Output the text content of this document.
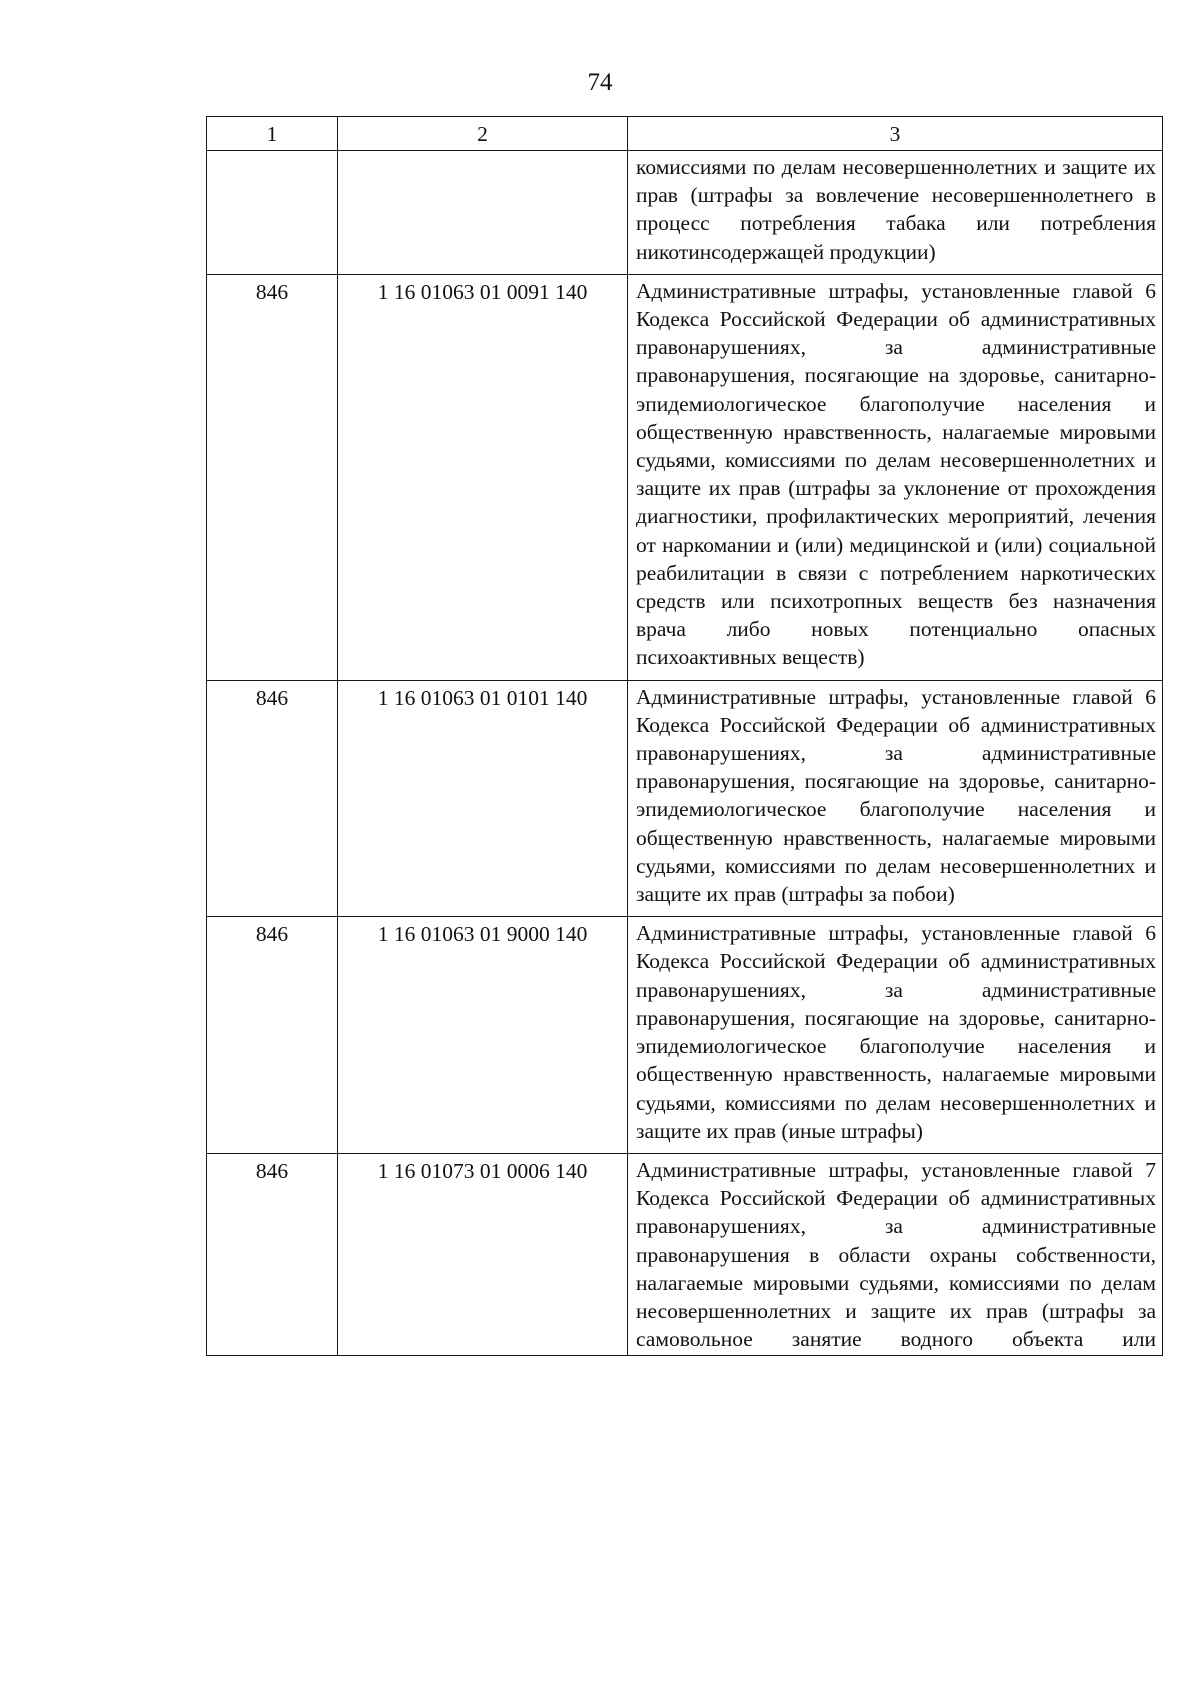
74
1	2	3
		комиссиями по делам несовершеннолетних и защите их прав (штрафы за вовлечение несовершеннолетнего в процесс потребления табака или потребления никотинсодержащей продукции)
846	1 16 01063 01 0091 140	Административные штрафы, установленные главой 6 Кодекса Российской Федерации об административных правонарушениях, за административные правонарушения, посягающие на здоровье, санитарно-эпидемиологическое благополучие населения и общественную нравственность, налагаемые мировыми судьями, комиссиями по делам несовершеннолетних и защите их прав (штрафы за уклонение от прохождения диагностики, профилактических мероприятий, лечения от наркомании и (или) медицинской и (или) социальной реабилитации в связи с потреблением наркотических средств или психотропных веществ без назначения врача либо новых потенциально опасных психоактивных веществ)
846	1 16 01063 01 0101 140	Административные штрафы, установленные главой 6 Кодекса Российской Федерации об административных правонарушениях, за административные правонарушения, посягающие на здоровье, санитарно-эпидемиологическое благополучие населения и общественную нравственность, налагаемые мировыми судьями, комиссиями по делам несовершеннолетних и защите их прав (штрафы за побои)
846	1 16 01063 01 9000 140	Административные штрафы, установленные главой 6 Кодекса Российской Федерации об административных правонарушениях, за административные правонарушения, посягающие на здоровье, санитарно-эпидемиологическое благополучие населения и общественную нравственность, налагаемые мировыми судьями, комиссиями по делам несовершеннолетних и защите их прав (иные штрафы)
846	1 16 01073 01 0006 140	Административные штрафы, установленные главой 7 Кодекса Российской Федерации об административных правонарушениях, за административные правонарушения в области охраны собственности, налагаемые мировыми судьями, комиссиями по делам несовершеннолетних и защите их прав (штрафы за самовольное занятие водного объекта или
